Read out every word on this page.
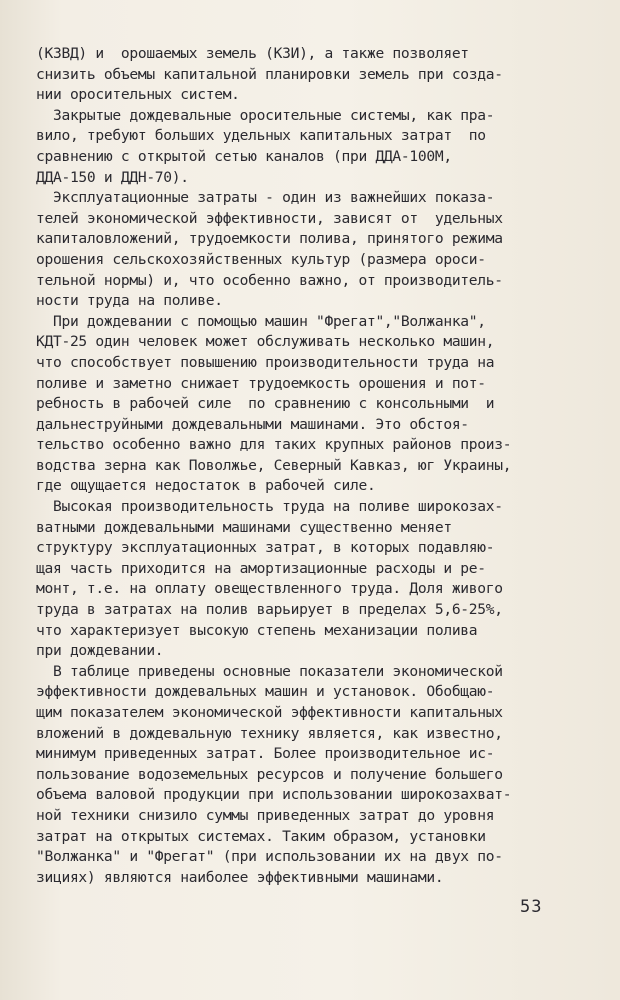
(КЗВД) и  орошаемых земель (КЗИ), а также позволяет
снизить объемы капитальной планировки земель при созда-
нии оросительных систем.

Закрытые дождевальные оросительные системы, как пра-
вило, требуют больших удельных капитальных затрат  по
сравнению с открытой сетью каналов (при ДДА-100М,
ДДА-150 и ДДН-70).

Эксплуатационные затраты - один из важнейших показа-
телей экономической эффективности, зависят от  удельных
капиталовложений, трудоемкости полива, принятого режима
орошения сельскохозяйственных культур (размера ороси-
тельной нормы) и, что особенно важно, от производитель-
ности труда на поливе.

При дождевании с помощью машин "Фрегат","Волжанка",
КДТ-25 один человек может обслуживать несколько машин,
что способствует повышению производительности труда на
поливе и заметно снижает трудоемкость орошения и пот-
ребность в рабочей силе  по сравнению с консольными  и
дальнеструйными дождевальными машинами. Это обстоя-
тельство особенно важно для таких крупных районов произ-
водства зерна как Поволжье, Северный Кавказ, юг Украины,
где ощущается недостаток в рабочей силе.

Высокая производительность труда на поливе широкозах-
ватными дождевальными машинами существенно меняет
структуру эксплуатационных затрат, в которых подавляю-
щая часть приходится на амортизационные расходы и ре-
монт, т.е. на оплату овеществленного труда. Доля живого
труда в затратах на полив варьирует в пределах 5,6-25%,
что характеризует высокую степень механизации полива
при дождевании.

В таблице приведены основные показатели экономической
эффективности дождевальных машин и установок. Обобщаю-
щим показателем экономической эффективности капитальных
вложений в дождевальную технику является, как известно,
минимум приведенных затрат. Более производительное ис-
пользование водоземельных ресурсов и получение большего
объема валовой продукции при использовании широкозахват-
ной техники снизило суммы приведенных затрат до уровня
затрат на открытых системах. Таким образом, установки
"Волжанка" и "Фрегат" (при использовании их на двух по-
зициях) являются наиболее эффективными машинами.

53
